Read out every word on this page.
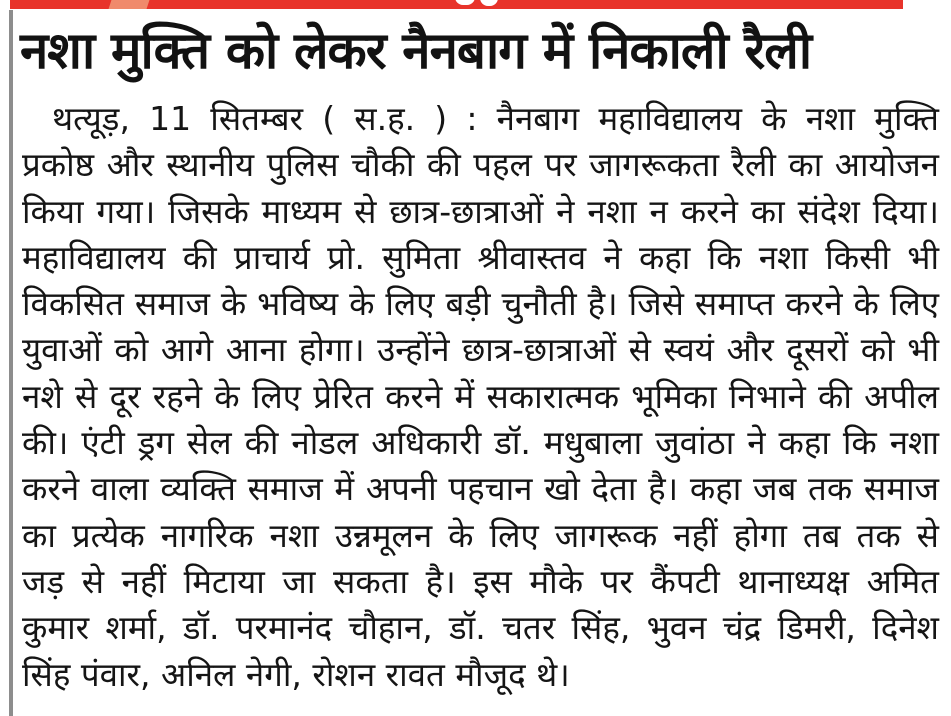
नशा मुक्ति को लेकर नैनबाग में निकाली रैली
थत्यूड़, 11 सितम्बर ( स.ह. ) : नैनबाग महाविद्यालय के नशा मुक्ति
प्रकोष्ठ और स्थानीय पुलिस चौकी की पहल पर जागरूकता रैली का आयोजन
किया गया। जिसके माध्यम से छात्र-छात्राओं ने नशा न करने का संदेश दिया।
महाविद्यालय की प्राचार्य प्रो. सुमिता श्रीवास्तव ने कहा कि नशा किसी भी
विकसित समाज के भविष्य के लिए बड़ी चुनौती है। जिसे समाप्त करने के लिए
युवाओं को आगे आना होगा। उन्होंने छात्र-छात्राओं से स्वयं और दूसरों को भी
नशे से दूर रहने के लिए प्रेरित करने में सकारात्मक भूमिका निभाने की अपील
की। एंटी ड्रग सेल की नोडल अधिकारी डॉ. मधुबाला जुवांठा ने कहा कि नशा
करने वाला व्यक्ति समाज में अपनी पहचान खो देता है। कहा जब तक समाज
का प्रत्येक नागरिक नशा उन्नमूलन के लिए जागरूक नहीं होगा तब तक से
जड़ से नहीं मिटाया जा सकता है। इस मौके पर कैंपटी थानाध्यक्ष अमित
कुमार शर्मा, डॉ. परमानंद चौहान, डॉ. चतर सिंह, भुवन चंद्र डिमरी, दिनेश
सिंह पंवार, अनिल नेगी, रोशन रावत मौजूद थे।
